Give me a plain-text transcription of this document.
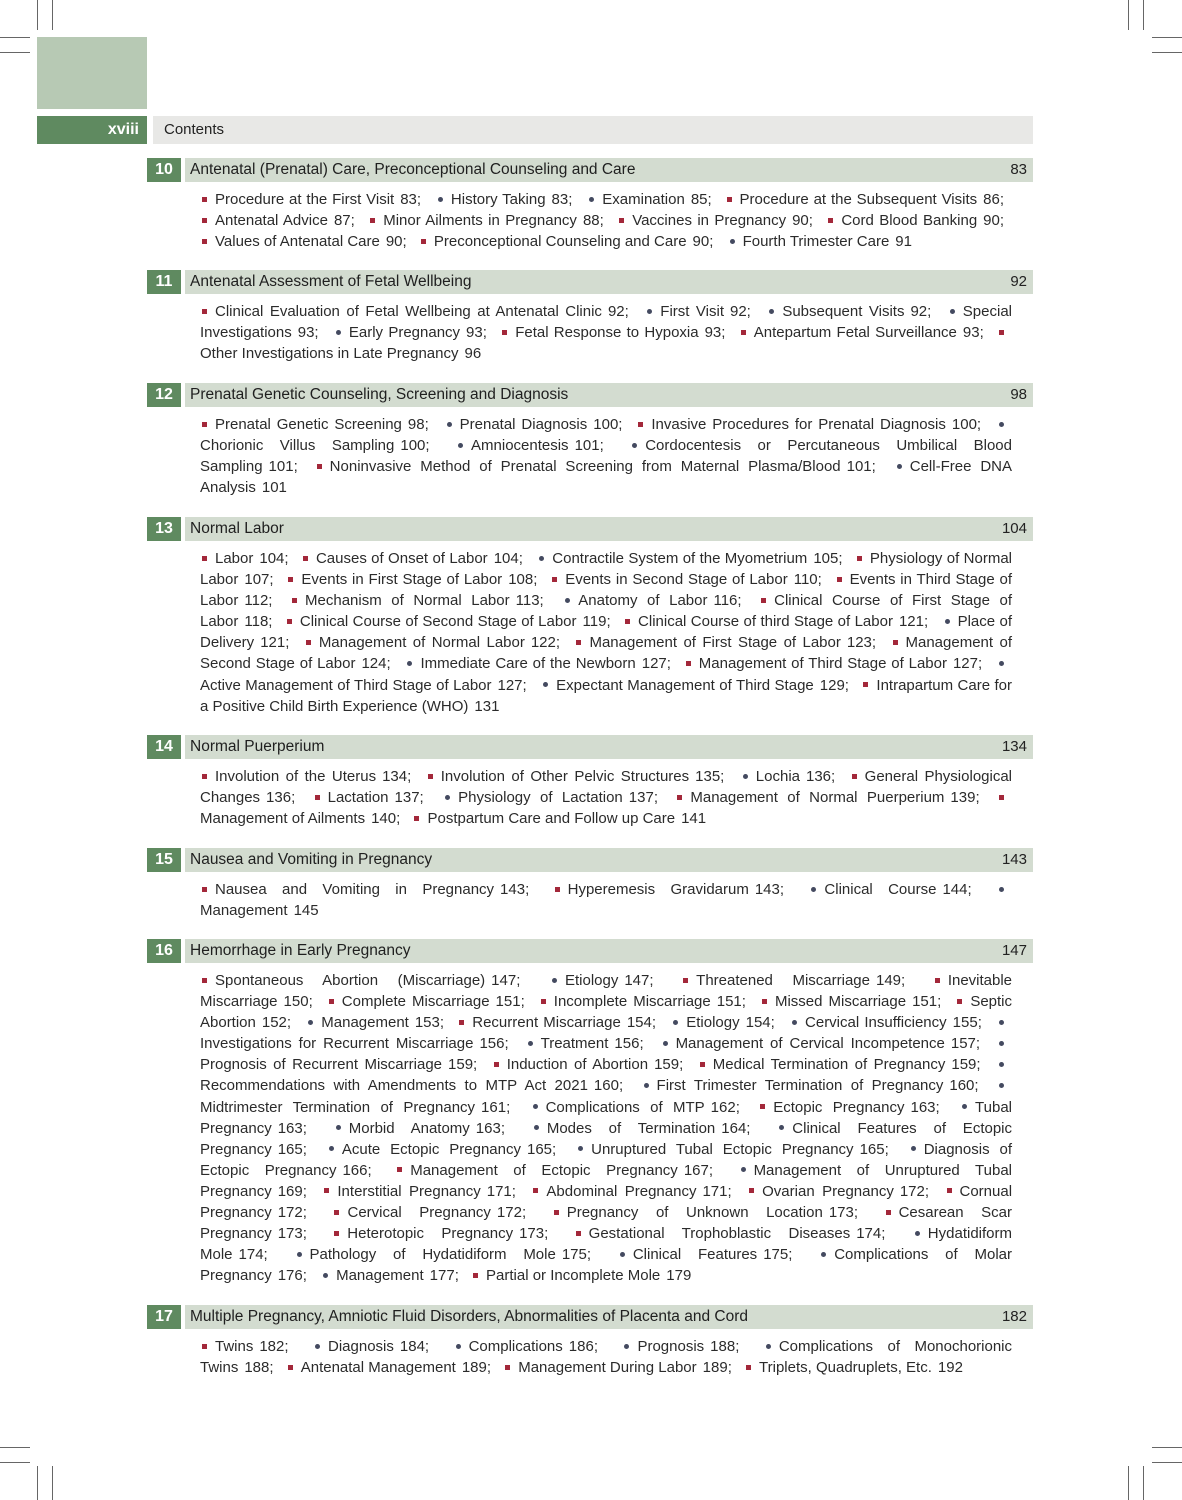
xviii	Contents
10	Antenatal (Prenatal) Care, Preconceptional Counseling and Care	83
Procedure at the First Visit 83; History Taking 83; Examination 85; Procedure at the Subsequent Visits 86; Antenatal Advice 87; Minor Ailments in Pregnancy 88; Vaccines in Pregnancy 90; Cord Blood Banking 90; Values of Antenatal Care 90; Preconceptional Counseling and Care 90; Fourth Trimester Care 91
11	Antenatal Assessment of Fetal Wellbeing	92
Clinical Evaluation of Fetal Wellbeing at Antenatal Clinic 92; First Visit 92; Subsequent Visits 92; Special Investigations 93; Early Pregnancy 93; Fetal Response to Hypoxia 93; Antepartum Fetal Surveillance 93; Other Investigations in Late Pregnancy 96
12	Prenatal Genetic Counseling, Screening and Diagnosis	98
Prenatal Genetic Screening 98; Prenatal Diagnosis 100; Invasive Procedures for Prenatal Diagnosis 100; Chorionic Villus Sampling 100;	Amniocentesis 101;	Cordocentesis or Percutaneous Umbilical Blood Sampling 101; Noninvasive Method of Prenatal Screening from Maternal Plasma/Blood 101; Cell-Free DNA Analysis 101
13	Normal Labor	104
Labor 104; Causes of Onset of Labor 104; Contractile System of the Myometrium 105; Physiology of Normal Labor 107; Events in First Stage of Labor 108; Events in Second Stage of Labor 110; Events in Third Stage of Labor 112; Mechanism of Normal Labor 113; Anatomy of Labor 116; Clinical Course of First Stage of Labor 118; Clinical Course of Second Stage of Labor 119; Clinical Course of third Stage of Labor 121; Place of Delivery 121; Management of Normal Labor 122; Management of First Stage of Labor 123; Management of Second Stage of Labor 124; Immediate Care of the Newborn 127; Management of Third Stage of Labor 127; Active Management of Third Stage of Labor 127; Expectant Management of Third Stage 129; Intrapartum Care for a Positive Child Birth Experience (WHO) 131
14	Normal Puerperium	134
Involution of the Uterus 134; Involution of Other Pelvic Structures 135; Lochia 136; General Physiological Changes 136; Lactation 137; Physiology of Lactation 137; Management of Normal Puerperium 139; Management of Ailments 140; Postpartum Care and Follow up Care 141
15	Nausea and Vomiting in Pregnancy	143
Nausea and Vomiting in Pregnancy 143;	Hyperemesis Gravidarum 143;	Clinical Course 144; Management 145
16	Hemorrhage in Early Pregnancy	147
Spontaneous Abortion (Miscarriage) 147;	Etiology 147;	Threatened Miscarriage 149;	Inevitable Miscarriage 150; Complete Miscarriage 151; Incomplete Miscarriage 151; Missed Miscarriage 151; Septic Abortion 152; Management 153; Recurrent Miscarriage 154; Etiology 154; Cervical Insufficiency 155; Investigations for Recurrent Miscarriage 156; Treatment 156; Management of Cervical Incompetence 157; Prognosis of Recurrent Miscarriage 159; Induction of Abortion 159; Medical Termination of Pregnancy 159; Recommendations with Amendments to MTP Act 2021 160; First Trimester Termination of Pregnancy 160; Midtrimester Termination of Pregnancy 161; Complications of MTP 162; Ectopic Pregnancy 163; Tubal Pregnancy 163;	Morbid Anatomy 163;	Modes of Termination 164;	Clinical Features of Ectopic Pregnancy 165; Acute Ectopic Pregnancy 165; Unruptured Tubal Ectopic Pregnancy 165; Diagnosis of Ectopic Pregnancy 166;	Management of Ectopic Pregnancy 167;	Management of Unruptured Tubal Pregnancy 169; Interstitial Pregnancy 171; Abdominal Pregnancy 171; Ovarian Pregnancy 172; Cornual Pregnancy 172;	Cervical Pregnancy 172;	Pregnancy of Unknown Location 173;	Cesarean Scar Pregnancy 173;	Heterotopic Pregnancy 173;	Gestational Trophoblastic Diseases 174;	Hydatidiform Mole 174;	Pathology of Hydatidiform Mole 175;	Clinical Features 175;	Complications of Molar Pregnancy 176; Management 177; Partial or Incomplete Mole 179
17	Multiple Pregnancy, Amniotic Fluid Disorders, Abnormalities of Placenta and Cord	182
Twins 182;	Diagnosis 184;	Complications 186;	Prognosis 188;	Complications of Monochorionic Twins 188; Antenatal Management 189; Management During Labor 189; Triplets, Quadruplets, Etc. 192
